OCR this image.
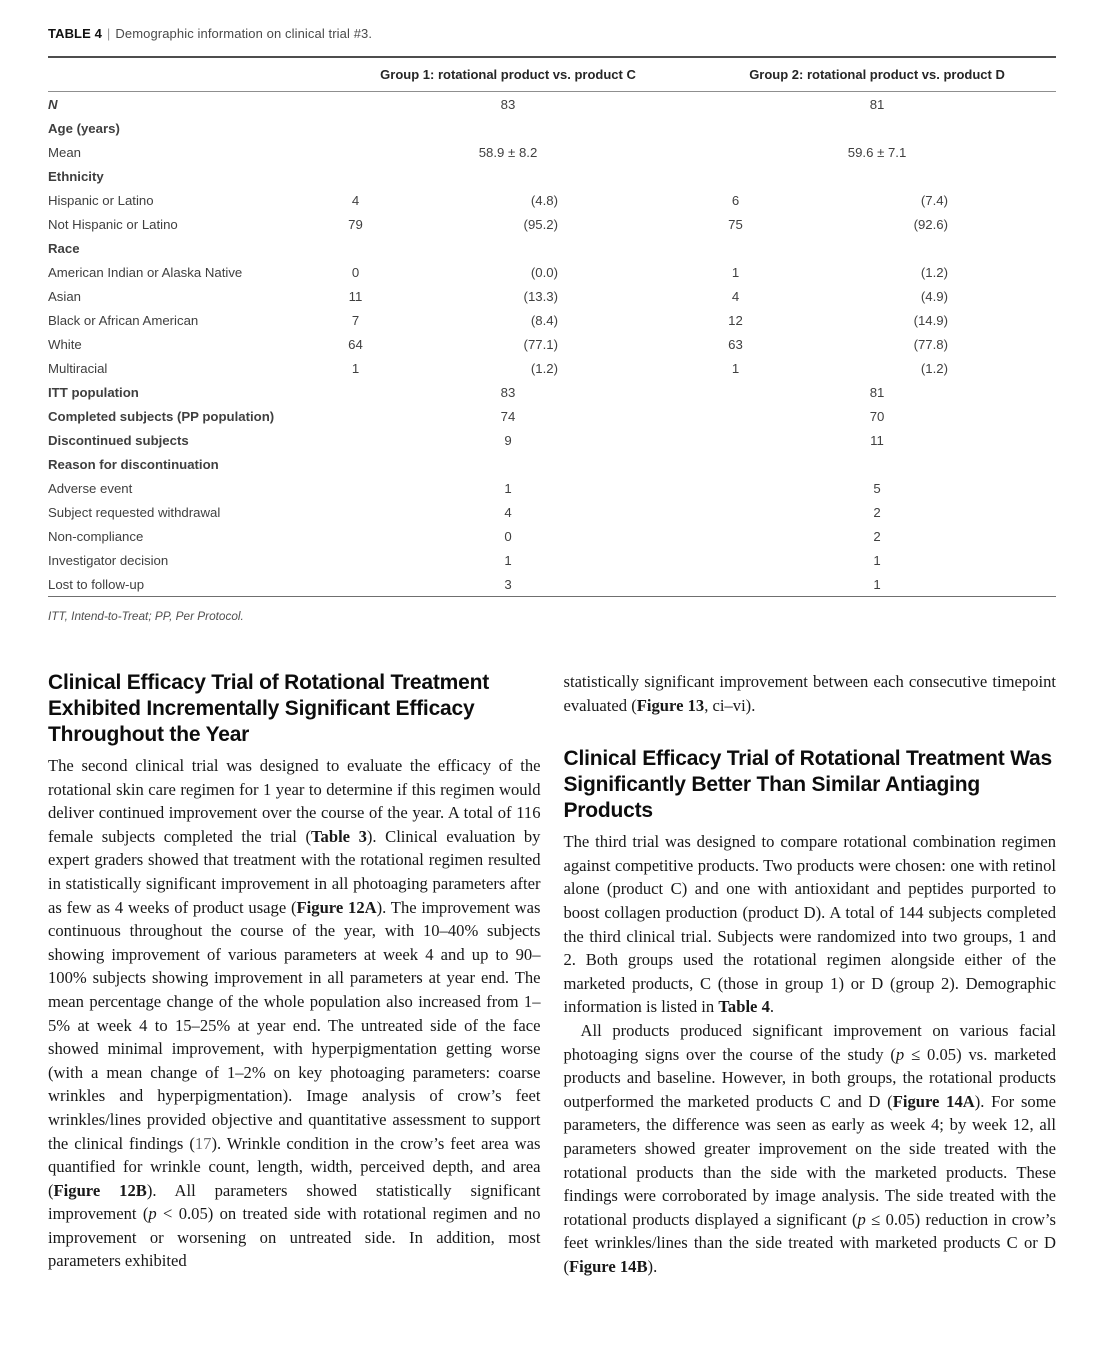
TABLE 4 | Demographic information on clinical trial #3.
	Group 1: rotational product vs. product C			Group 2: rotational product vs. product D		
N	83			81		
Age (years)						
Mean	58.9 ± 8.2			59.6 ± 7.1		
Ethnicity						
Hispanic or Latino	4	(4.8)		6	(7.4)	
Not Hispanic or Latino	79	(95.2)		75	(92.6)	
Race						
American Indian or Alaska Native	0	(0.0)		1	(1.2)	
Asian	11	(13.3)		4	(4.9)	
Black or African American	7	(8.4)		12	(14.9)	
White	64	(77.1)		63	(77.8)	
Multiracial	1	(1.2)		1	(1.2)	
ITT population	83			81		
Completed subjects (PP population)	74			70		
Discontinued subjects	9			11		
Reason for discontinuation						
Adverse event	1			5		
Subject requested withdrawal	4			2		
Non-compliance	0			2		
Investigator decision	1			1		
Lost to follow-up	3			1		
ITT, Intend-to-Treat; PP, Per Protocol.
Clinical Efficacy Trial of Rotational Treatment Exhibited Incrementally Significant Efficacy Throughout the Year

The second clinical trial was designed to evaluate the efficacy of the rotational skin care regimen for 1 year to determine if this regimen would deliver continued improvement over the course of the year. A total of 116 female subjects completed the trial (Table 3). Clinical evaluation by expert graders showed that treatment with the rotational regimen resulted in statistically significant improvement in all photoaging parameters after as few as 4 weeks of product usage (Figure 12A). The improvement was continuous throughout the course of the year, with 10–40% subjects showing improvement of various parameters at week 4 and up to 90–100% subjects showing improvement in all parameters at year end. The mean percentage change of the whole population also increased from 1–5% at week 4 to 15–25% at year end. The untreated side of the face showed minimal improvement, with hyperpigmentation getting worse (with a mean change of 1–2% on key photoaging parameters: coarse wrinkles and hyperpigmentation). Image analysis of crow’s feet wrinkles/lines provided objective and quantitative assessment to support the clinical findings (17). Wrinkle condition in the crow’s feet area was quantified for wrinkle count, length, width, perceived depth, and area (Figure 12B). All parameters showed statistically significant improvement (p < 0.05) on treated side with rotational regimen and no improvement or worsening on untreated side. In addition, most parameters exhibited

statistically significant improvement between each consecutive timepoint evaluated (Figure 13, ci–vi).

Clinical Efficacy Trial of Rotational Treatment Was Significantly Better Than Similar Antiaging Products

The third trial was designed to compare rotational combination regimen against competitive products. Two products were chosen: one with retinol alone (product C) and one with antioxidant and peptides purported to boost collagen production (product D). A total of 144 subjects completed the third clinical trial. Subjects were randomized into two groups, 1 and 2. Both groups used the rotational regimen alongside either of the marketed products, C (those in group 1) or D (group 2). Demographic information is listed in Table 4.

All products produced significant improvement on various facial photoaging signs over the course of the study (p ≤ 0.05) vs. marketed products and baseline. However, in both groups, the rotational products outperformed the marketed products C and D (Figure 14A). For some parameters, the difference was seen as early as week 4; by week 12, all parameters showed greater improvement on the side treated with the rotational products than the side with the marketed products. These findings were corroborated by image analysis. The side treated with the rotational products displayed a significant (p ≤ 0.05) reduction in crow’s feet wrinkles/lines than the side treated with marketed products C or D (Figure 14B).
